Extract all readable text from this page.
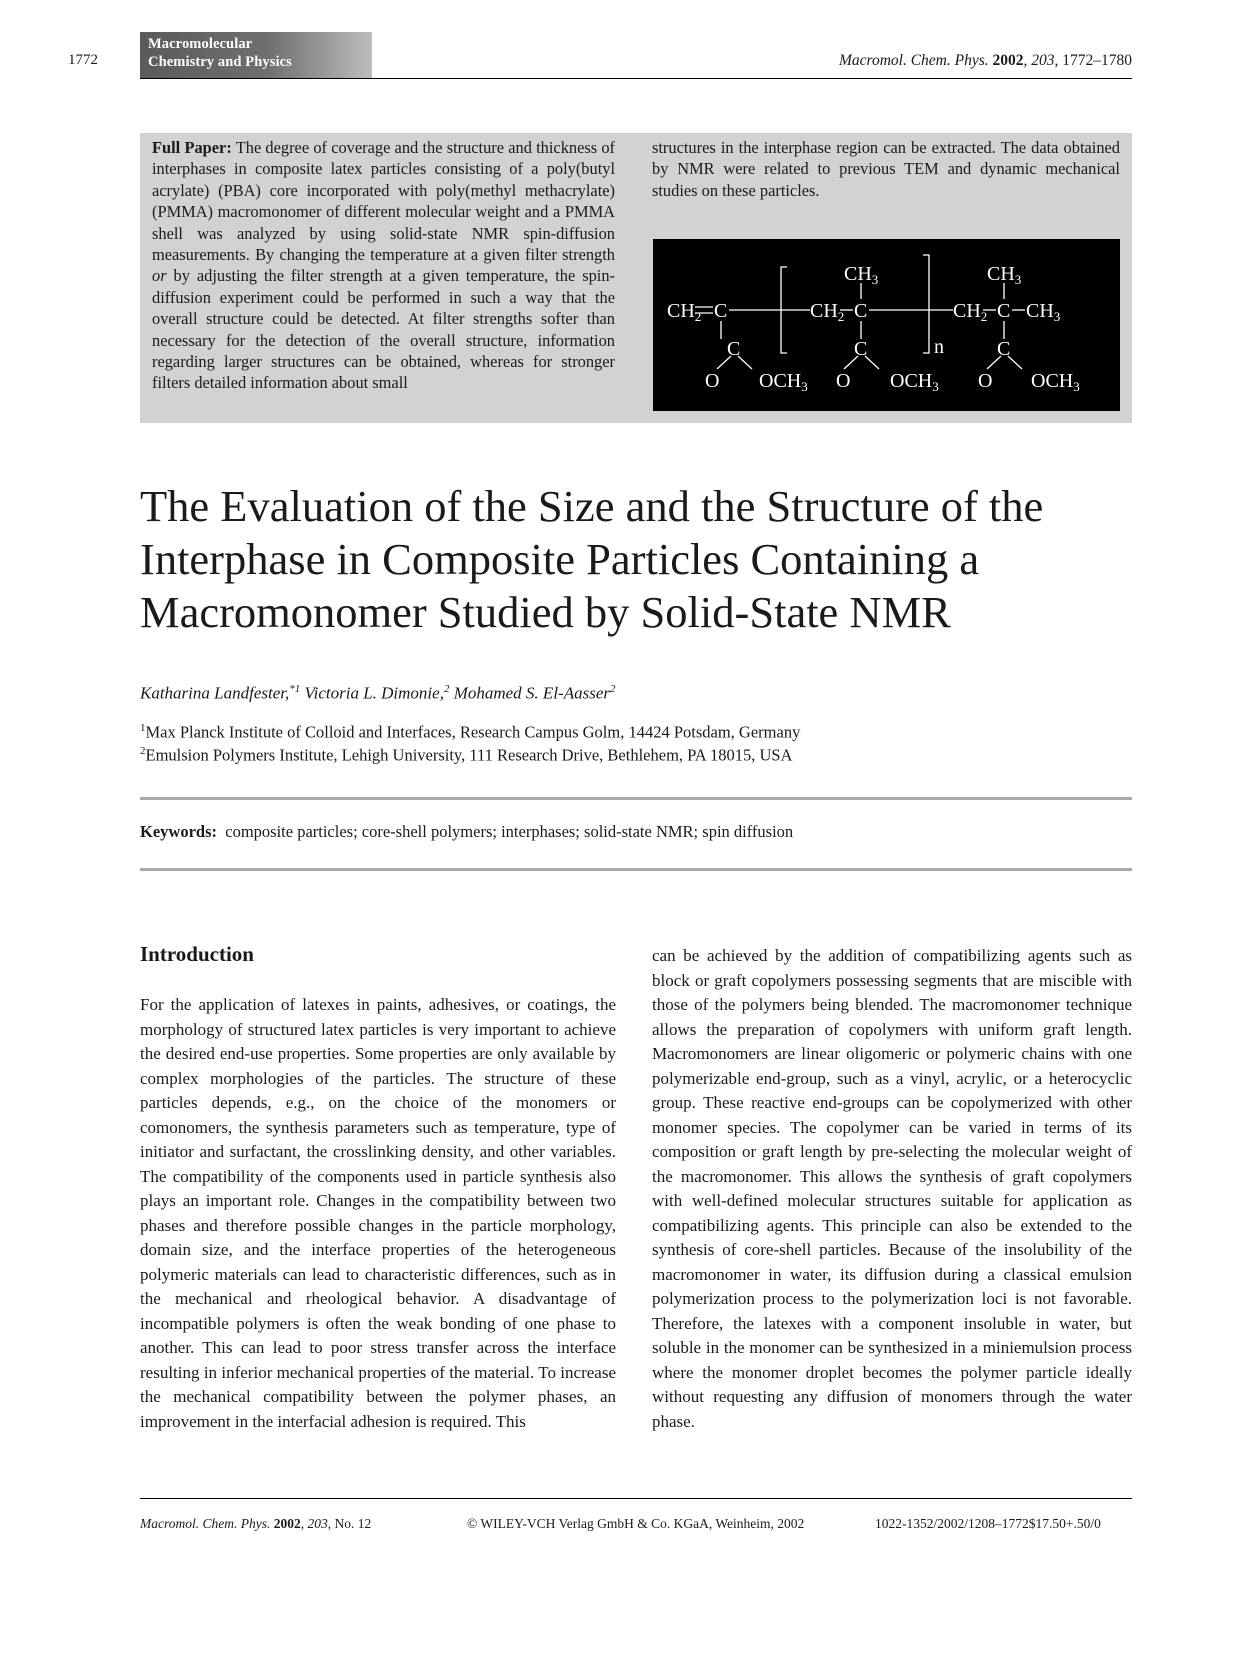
1772
Macromolecular
Chemistry and Physics	Macromol. Chem. Phys. 2002, 203, 1772–1780
Full Paper: The degree of coverage and the structure and thickness of interphases in composite latex particles consisting of a poly(butyl acrylate) (PBA) core incorporated with poly(methyl methacrylate) (PMMA) macromonomer of different molecular weight and a PMMA shell was analyzed by using solid-state NMR spin-diffusion measurements. By changing the temperature at a given filter strength or by adjusting the filter strength at a given temperature, the spin-diffusion experiment could be performed in such a way that the overall structure could be detected. At filter strengths softer than necessary for the detection of the overall structure, information regarding larger structures can be obtained, whereas for stronger filters detailed information about small
structures in the interphase region can be extracted. The data obtained by NMR were related to previous TEM and dynamic mechanical studies on these particles.
$CH_2$ C	$CH_2$ C	$CH_2$ C $CH_3$
$CH_3$	$CH_3$
n
C	C	C
O $OCH_3$ O $OCH_3$ O $OCH_3$
The Evaluation of the Size and the Structure of the Interphase in Composite Particles Containing a Macromonomer Studied by Solid-State NMR
Katharina Landfester,$^{*1}$ Victoria L. Dimonie,$^2$ Mohamed S. El-Aasser$^2$
$^1$Max Planck Institute of Colloid and Interfaces, Research Campus Golm, 14424 Potsdam, Germany
$^2$Emulsion Polymers Institute, Lehigh University, 111 Research Drive, Bethlehem, PA 18015, USA
Keywords: composite particles; core-shell polymers; interphases; solid-state NMR; spin diffusion
Introduction
For the application of latexes in paints, adhesives, or coatings, the morphology of structured latex particles is very important to achieve the desired end-use properties. Some properties are only available by complex morphologies of the particles. The structure of these particles depends, e.g., on the choice of the monomers or comonomers, the synthesis parameters such as temperature, type of initiator and surfactant, the crosslinking density, and other variables. The compatibility of the components used in particle synthesis also plays an important role. Changes in the compatibility between two phases and therefore possible changes in the particle morphology, domain size, and the interface properties of the heterogeneous polymeric materials can lead to characteristic differences, such as in the mechanical and rheological behavior. A disadvantage of incompatible polymers is often the weak bonding of one phase to another. This can lead to poor stress transfer across the interface resulting in inferior mechanical properties of the material. To increase the mechanical compatibility between the polymer phases, an improvement in the interfacial adhesion is required. This
can be achieved by the addition of compatibilizing agents such as block or graft copolymers possessing segments that are miscible with those of the polymers being blended. The macromonomer technique allows the preparation of copolymers with uniform graft length. Macromonomers are linear oligomeric or polymeric chains with one polymerizable end-group, such as a vinyl, acrylic, or a heterocyclic group. These reactive end-groups can be copolymerized with other monomer species. The copolymer can be varied in terms of its composition or graft length by pre-selecting the molecular weight of the macromonomer. This allows the synthesis of graft copolymers with well-defined molecular structures suitable for application as compatibilizing agents. This principle can also be extended to the synthesis of core-shell particles. Because of the insolubility of the macromonomer in water, its diffusion during a classical emulsion polymerization process to the polymerization loci is not favorable. Therefore, the latexes with a component insoluble in water, but soluble in the monomer can be synthesized in a miniemulsion process where the monomer droplet becomes the polymer particle ideally without requesting any diffusion of monomers through the water phase.
Macromol. Chem. Phys. 2002, 203, No. 12	© WILEY-VCH Verlag GmbH & Co. KGaA, Weinheim, 2002	1022-1352/2002/1208–1772$17.50+.50/0
